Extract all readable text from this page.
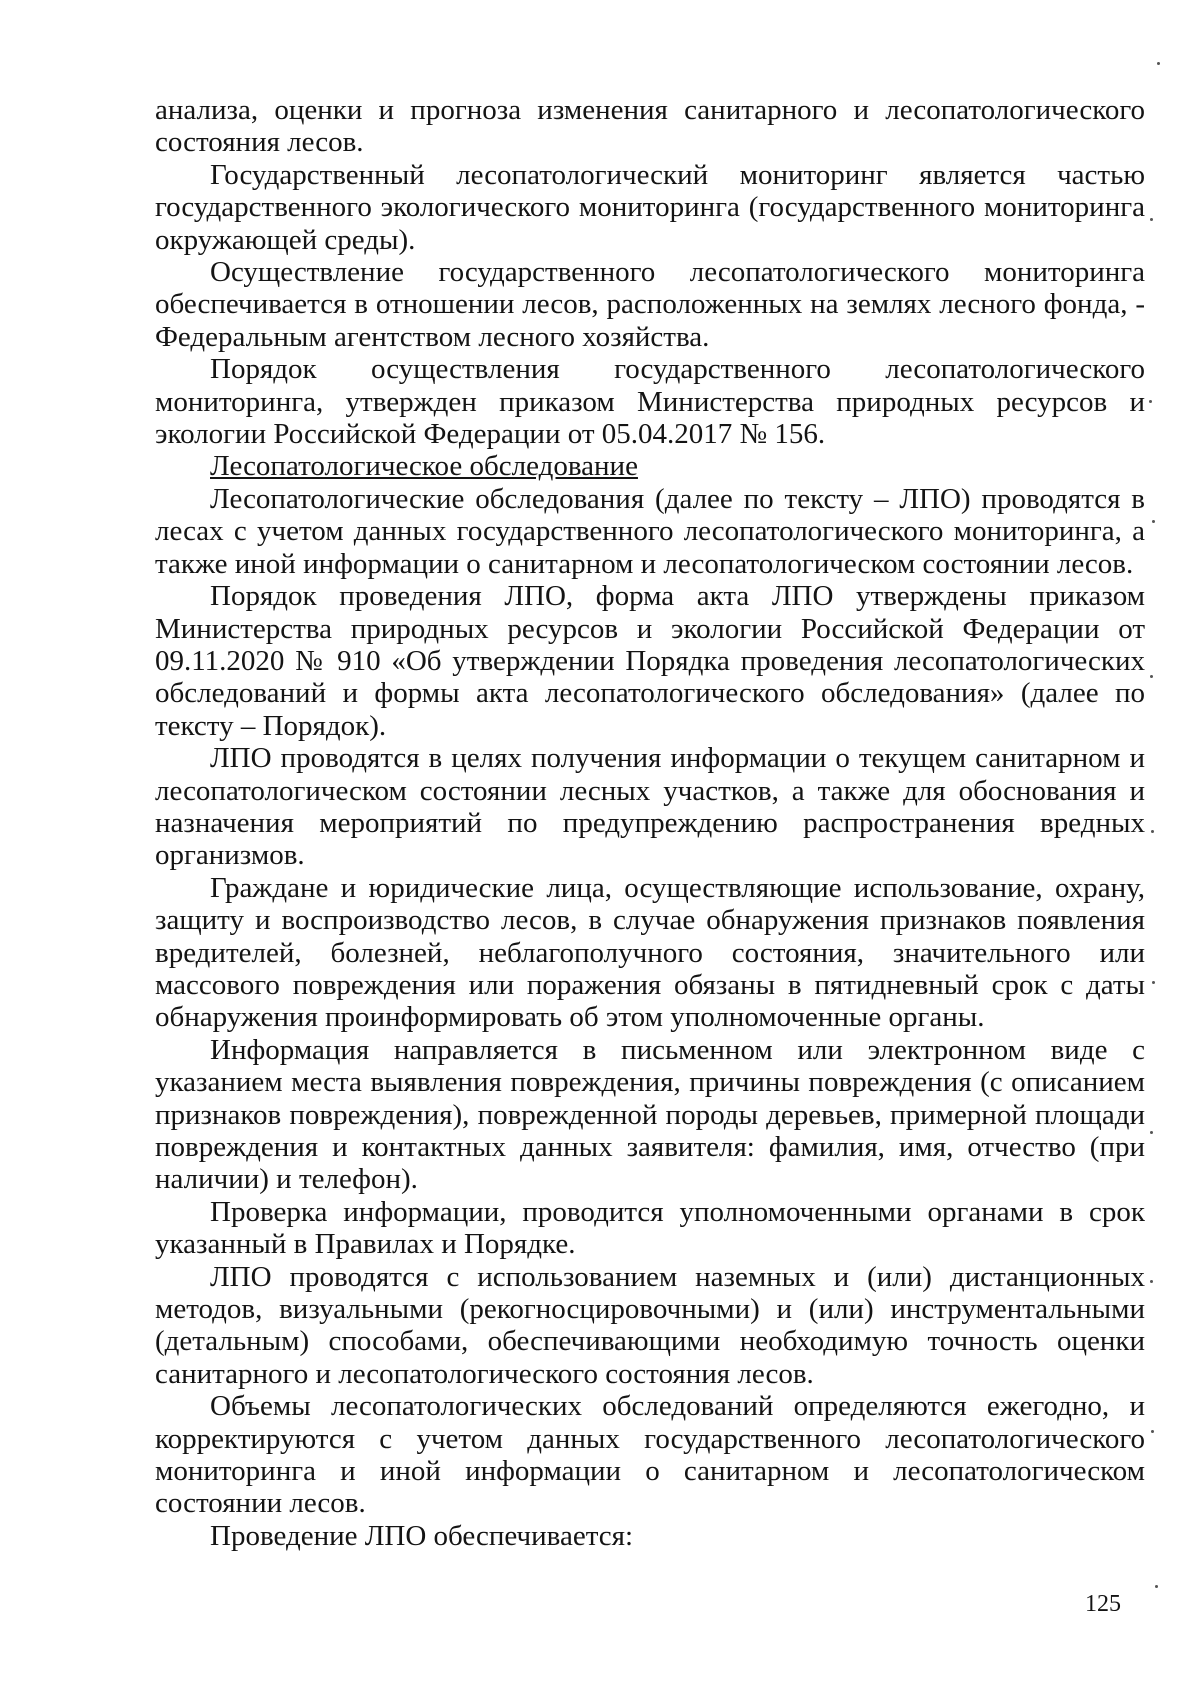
анализа, оценки и прогноза изменения санитарного и лесопатологического состояния лесов.

Государственный лесопатологический мониторинг является частью государственного экологического мониторинга (государственного мониторинга окружающей среды).

Осуществление государственного лесопатологического мониторинга обеспечивается в отношении лесов, расположенных на землях лесного фонда, - Федеральным агентством лесного хозяйства.

Порядок осуществления государственного лесопатологического мониторинга, утвержден приказом Министерства природных ресурсов и экологии Российской Федерации от 05.04.2017 № 156.

Лесопатологическое обследование

Лесопатологические обследования (далее по тексту – ЛПО) проводятся в лесах с учетом данных государственного лесопатологического мониторинга, а также иной информации о санитарном и лесопатологическом состоянии лесов.

Порядок проведения ЛПО, форма акта ЛПО утверждены приказом Министерства природных ресурсов и экологии Российской Федерации от 09.11.2020 № 910 «Об утверждении Порядка проведения лесопатологических обследований и формы акта лесопатологического обследования» (далее по тексту – Порядок).

ЛПО проводятся в целях получения информации о текущем санитарном и лесопатологическом состоянии лесных участков, а также для обоснования и назначения мероприятий по предупреждению распространения вредных организмов.

Граждане и юридические лица, осуществляющие использование, охрану, защиту и воспроизводство лесов, в случае обнаружения признаков появления вредителей, болезней, неблагополучного состояния, значительного или массового повреждения или поражения обязаны в пятидневный срок с даты обнаружения проинформировать об этом уполномоченные органы.

Информация направляется в письменном или электронном виде с указанием места выявления повреждения, причины повреждения (с описанием признаков повреждения), поврежденной породы деревьев, примерной площади повреждения и контактных данных заявителя: фамилия, имя, отчество (при наличии) и телефон).

Проверка информации, проводится уполномоченными органами в срок указанный в Правилах и Порядке.

ЛПО проводятся с использованием наземных и (или) дистанционных методов, визуальными (рекогносцировочными) и (или) инструментальными (детальным) способами, обеспечивающими необходимую точность оценки санитарного и лесопатологического состояния лесов.

Объемы лесопатологических обследований определяются ежегодно, и корректируются с учетом данных государственного лесопатологического мониторинга и иной информации о санитарном и лесопатологическом состоянии лесов.

Проведение ЛПО обеспечивается:

125
